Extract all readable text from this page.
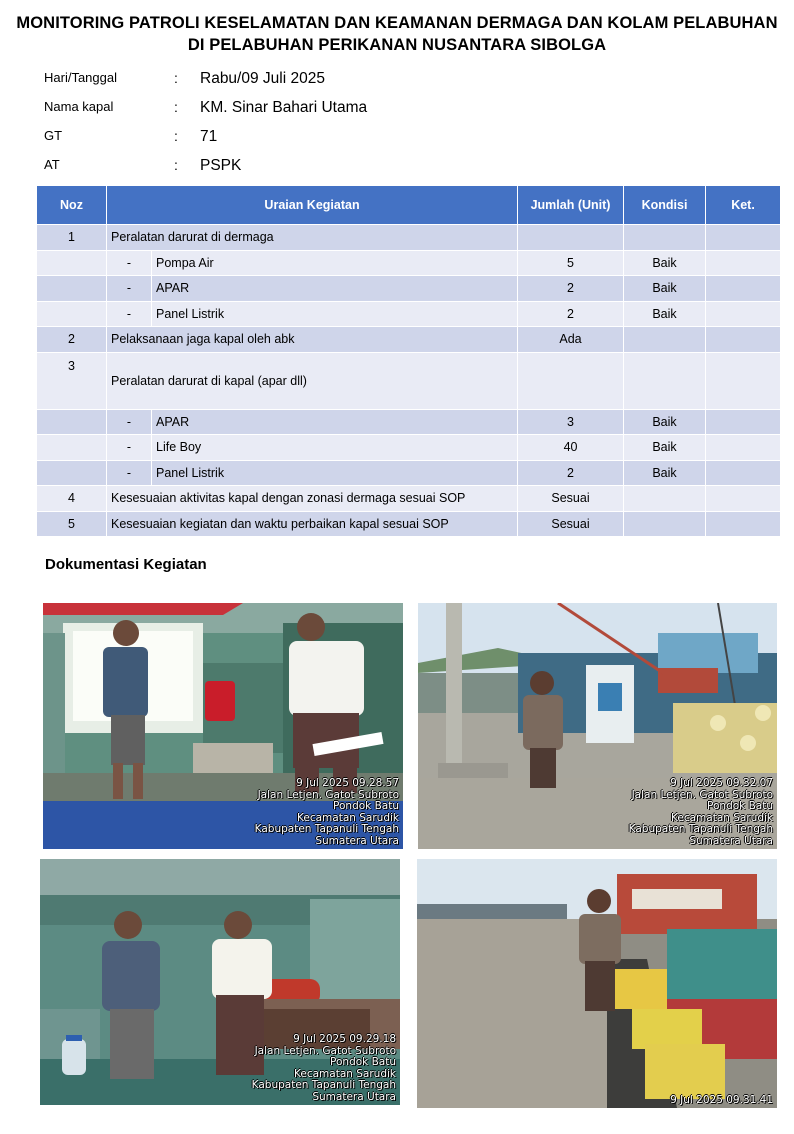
MONITORING PATROLI KESELAMATAN DAN KEAMANAN DERMAGA DAN KOLAM PELABUHAN
DI PELABUHAN PERIKANAN NUSANTARA SIBOLGA
Hari/Tanggal	: Rabu/09 Juli 2025
Nama kapal	: KM. Sinar Bahari Utama
GT	: 71
AT	: PSPK
Noz	Uraian Kegiatan		Jumlah (Unit)	Kondisi	Ket.
1	Peralatan darurat di dermaga				
	-	Pompa Air	5	Baik	
	-	APAR	2	Baik	
	-	Panel Listrik	2	Baik	
2	Pelaksanaan jaga kapal oleh abk		Ada		
3	Peralatan darurat di kapal (apar dll)				
	-	APAR	3	Baik	
	-	Life Boy	40	Baik	
	-	Panel Listrik	2	Baik	
4	Kesesuaian aktivitas kapal dengan zonasi dermaga sesuai SOP		Sesuai		
5	Kesesuaian kegiatan dan waktu perbaikan kapal sesuai SOP		Sesuai		
Dokumentasi Kegiatan
9 Jul 2025 09.28.57
Jalan Letjen. Gatot Subroto
Pondok Batu
Kecamatan Sarudik
Kabupaten Tapanuli Tengah
Sumatera Utara
9 Jul 2025 09.32.07
Jalan Letjen. Gatot Subroto
Pondok Batu
Kecamatan Sarudik
Kabupaten Tapanuli Tengah
Sumatera Utara
9 Jul 2025 09.29.18
Jalan Letjen. Gatot Subroto
Pondok Batu
Kecamatan Sarudik
Kabupaten Tapanuli Tengah
Sumatera Utara	9 Jul 2025 09.31.41
